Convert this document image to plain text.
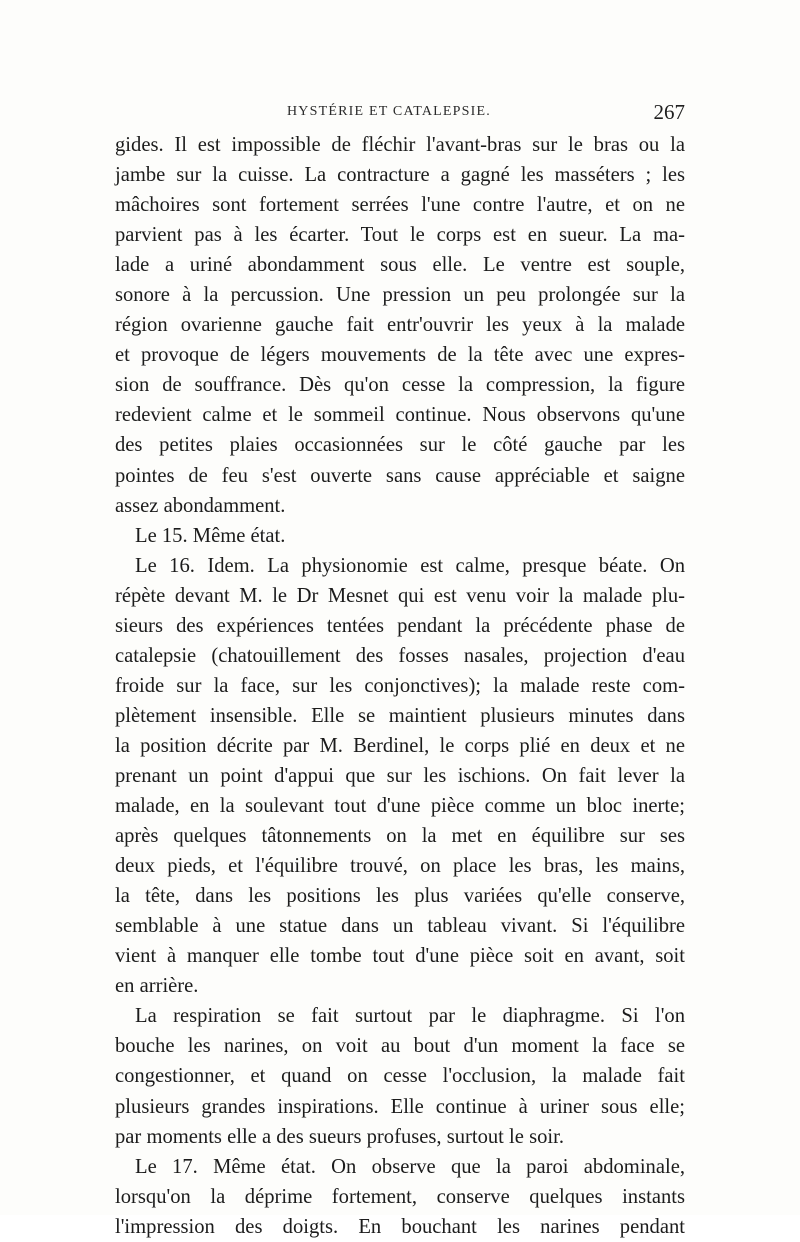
HYSTÉRIE ET CATALEPSIE.	267
gides. Il est impossible de fléchir l'avant-bras sur le bras ou la
jambe sur la cuisse. La contracture a gagné les masséters ; les
mâchoires sont fortement serrées l'une contre l'autre, et on ne
parvient pas à les écarter. Tout le corps est en sueur. La ma-
lade a uriné abondamment sous elle. Le ventre est souple,
sonore à la percussion. Une pression un peu prolongée sur la
région ovarienne gauche fait entr'ouvrir les yeux à la malade
et provoque de légers mouvements de la tête avec une expres-
sion de souffrance. Dès qu'on cesse la compression, la figure
redevient calme et le sommeil continue. Nous observons qu'une
des petites plaies occasionnées sur le côté gauche par les
pointes de feu s'est ouverte sans cause appréciable et saigne
assez abondamment.
Le 15. Même état.
Le 16. Idem. La physionomie est calme, presque béate. On
répète devant M. le Dr Mesnet qui est venu voir la malade plu-
sieurs des expériences tentées pendant la précédente phase de
catalepsie (chatouillement des fosses nasales, projection d'eau
froide sur la face, sur les conjonctives); la malade reste com-
plètement insensible. Elle se maintient plusieurs minutes dans
la position décrite par M. Berdinel, le corps plié en deux et ne
prenant un point d'appui que sur les ischions. On fait lever la
malade, en la soulevant tout d'une pièce comme un bloc inerte;
après quelques tâtonnements on la met en équilibre sur ses
deux pieds, et l'équilibre trouvé, on place les bras, les mains,
la tête, dans les positions les plus variées qu'elle conserve,
semblable à une statue dans un tableau vivant. Si l'équilibre
vient à manquer elle tombe tout d'une pièce soit en avant, soit
en arrière.
La respiration se fait surtout par le diaphragme. Si l'on
bouche les narines, on voit au bout d'un moment la face se
congestionner, et quand on cesse l'occlusion, la malade fait
plusieurs grandes inspirations. Elle continue à uriner sous elle;
par moments elle a des sueurs profuses, surtout le soir.
Le 17. Même état. On observe que la paroi abdominale,
lorsqu'on la déprime fortement, conserve quelques instants
l'impression des doigts. En bouchant les narines pendant
